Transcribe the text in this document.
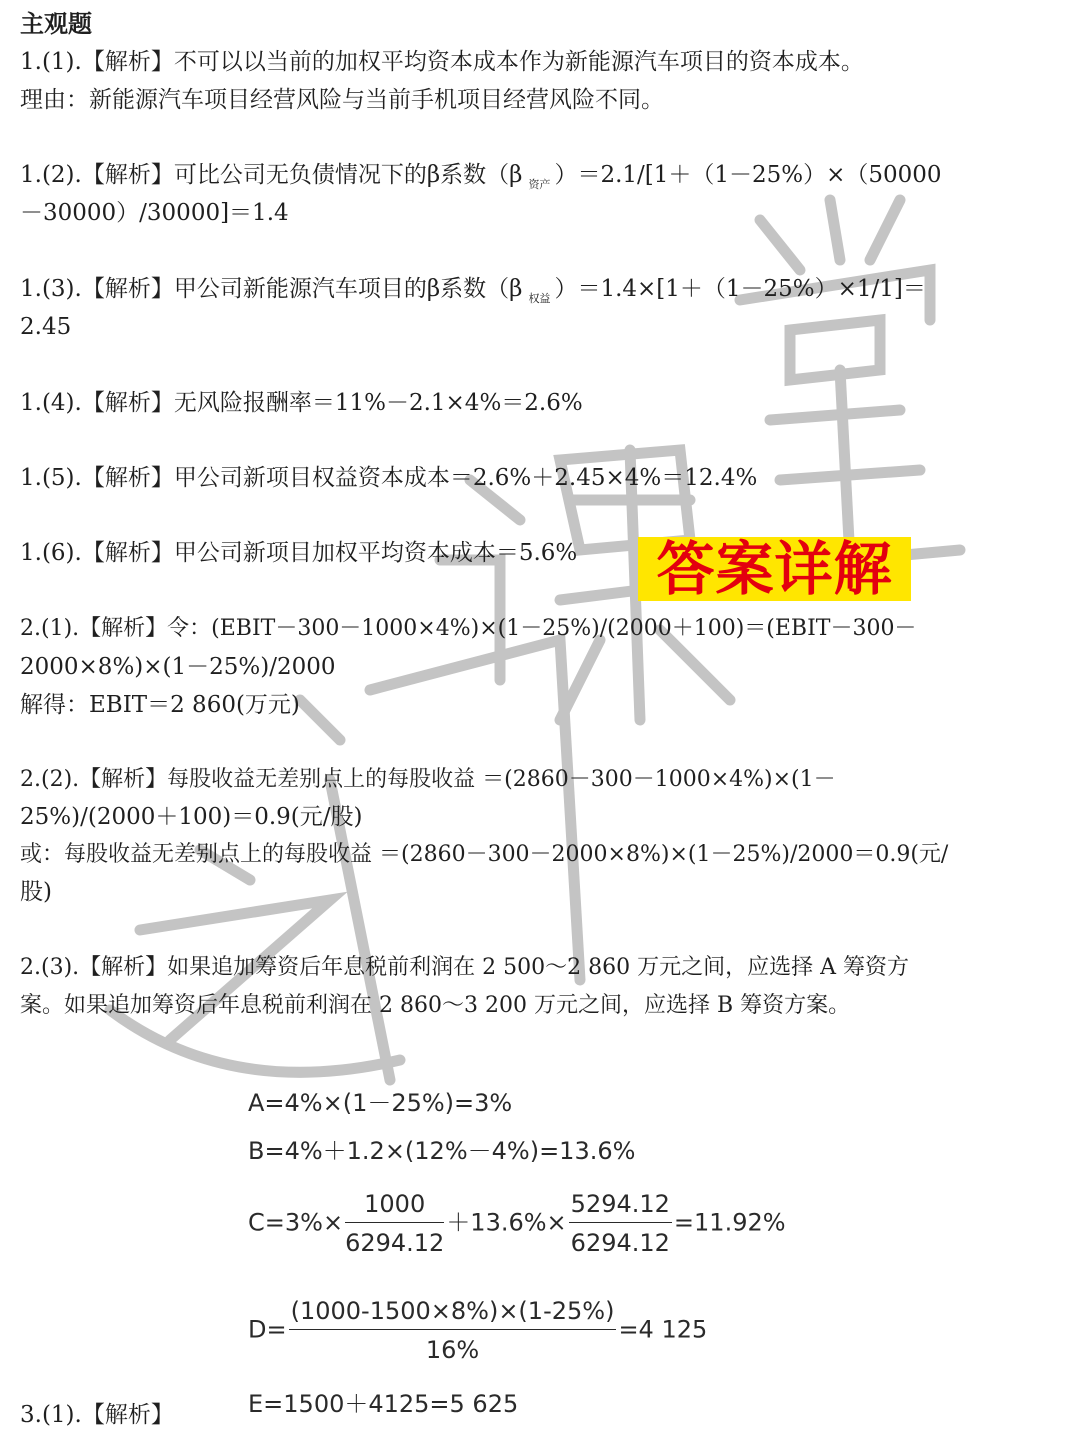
主观题
1.(1).【解析】不可以以当前的加权平均资本成本作为新能源汽车项目的资本成本。
理由：新能源汽车项目经营风险与当前手机项目经营风险不同。
1.(2).【解析】可比公司无负债情况下的β系数（β $_{资产}$ ）＝2.1/[1＋（1－25%）×（50000
－30000）/30000]＝1.4
1.(3).【解析】甲公司新能源汽车项目的β系数（β $_{权益}$ ）＝1.4×[1＋（1－25%）×1/1]＝
2.45
1.(4).【解析】无风险报酬率＝11%－2.1×4%＝2.6%
1.(5).【解析】甲公司新项目权益资本成本＝2.6%＋2.45×4%＝12.4%
1.(6).【解析】甲公司新项目加权平均资本成本＝5.6%
2.(1).【解析】令：(EBIT－300－1000×4%)×(1－25%)/(2000＋100)＝(EBIT－300－
2000×8%)×(1－25%)/2000
解得：EBIT＝2 860(万元)
2.(2).【解析】每股收益无差别点上的每股收益 ＝(2860－300－1000×4%)×(1－
25%)/(2000＋100)＝0.9(元/股)
或：每股收益无差别点上的每股收益 ＝(2860－300－2000×8%)×(1－25%)/2000＝0.9(元/
股)
2.(3).【解析】如果追加筹资后年息税前利润在 2 500～2 860 万元之间，应选择 A 筹资方
案。如果追加筹资后年息税前利润在 2 860～3 200 万元之间，应选择 B 筹资方案。
3.(1).【解析】
A=4%×(1－25%)=3%
B=4%＋1.2×(12%－4%)=13.6%
$C=3\%\times \frac{1000}{6294.12} +13.6\%\times \frac{5294.12}{6294.12} =11.92\%$
$D= \frac{(1000-1500\times 8\%)\times(1-25\%)}{16\%} =4$ 125
E=1500＋4125=5 625
答案详解
